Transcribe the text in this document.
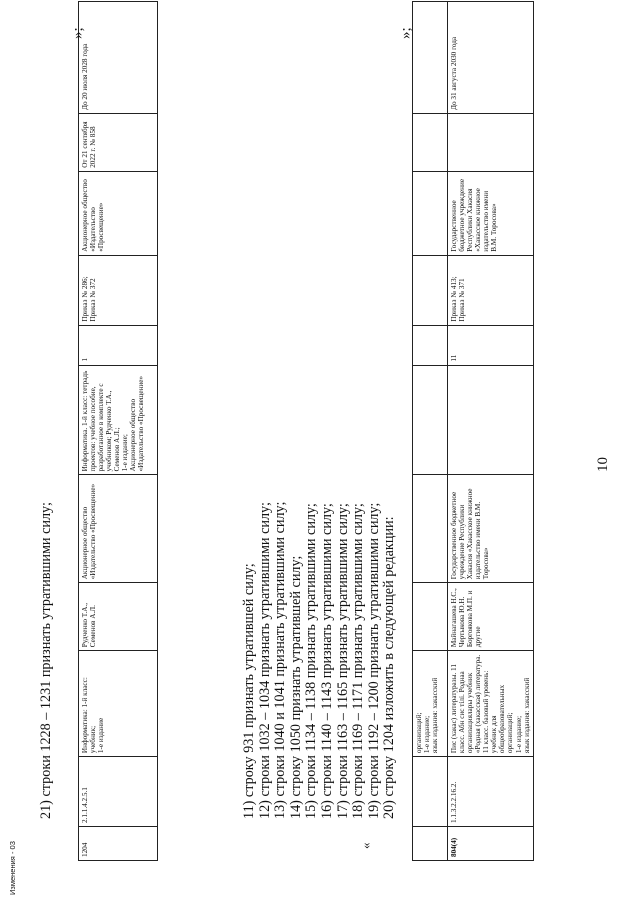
10
		организаций;
1-е издание;
язык издания: хакасский								
804(4)	1.1.3.2.2.16.2.	Пис (хакас) литературазы. 11 класс. Абн сис тілі. Роднаа организациялары учебник «Родная (хакасская) литература. 11 класс. базовый уровень: учебник для общеобразовательных организаций;
1-е издание;
язык издания: хакасский	Майнагашева Н.С., Чертыкова Ю.Н. Боргоякова М.П. и другие	Государственное бюджетное учреждение Республики Хакасия «Хакасское книжное издательство имени В.М. Торосова»		11	Приказ № 413;
Приказ № 371	Государственное бюджетное учреждение Республики Хакасия «Хакасское книжное издательство имени В.М. Торосова»		До 31 августа 2030 года
»;
11) строку 931 признать утратившей силу; 12) строки 1032 – 1034 признать утратившими силу; 13) строки 1040 и 1041 признать утратившими силу; 14) строку 1050 признать утратившей силу; 15) строки 1134 – 1138 признать утратившими силу; 16) строки 1140 – 1143 признать утратившими силу; 17) строки 1163 – 1165 признать утратившими силу; 18) строки 1169 – 1171 признать утратившими силу; 19) строки 1192 – 1200 признать утратившими силу; 20) строку 1204 изложить в следующей редакции:
«
1204	2.1.1.4.2.5.1	Информатика: 1-й класс: учебник;
1-е издание	Рудченко Т.А., Семенов А.Л.	Акционерное общество «Издательство «Просвещение»	Информатика. 1-й класс: тетрадь проектов: учебное пособие, разработанное в комплекте с учебником; Рудченко Т.А., Семенов А.Л.;
1-е издание;
Акционерное общество «Издательство «Просвещение»	1	Приказ № 286;
Приказ № 372	Акционерное общество «Издательство «Просвещение»	От 21 сентября 2022 г. № 858	До 20 июля 2028 года
»;
21) строки 1228 – 1231 признать утратившими силу;
Изменения - 03
